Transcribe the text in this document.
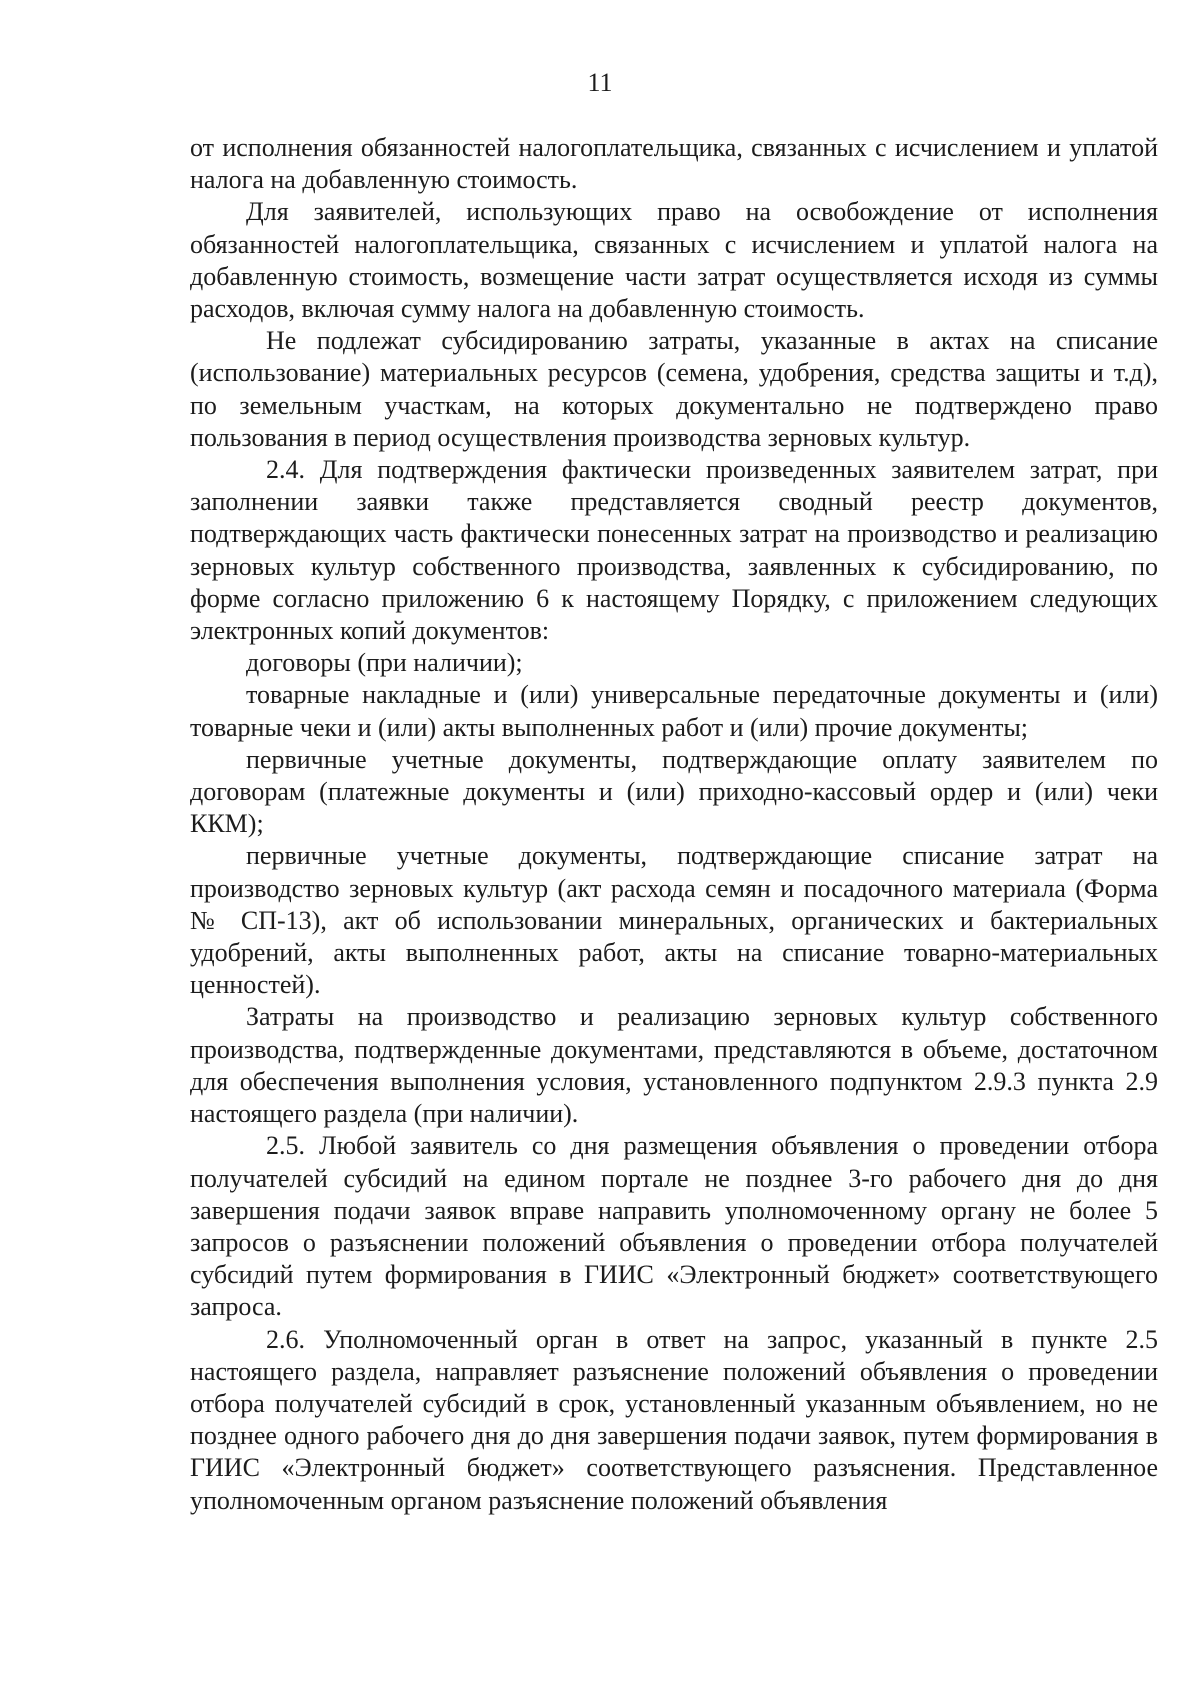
11

от исполнения обязанностей налогоплательщика, связанных с исчислением и уплатой налога на добавленную стоимость.

Для заявителей, использующих право на освобождение от исполнения обязанностей налогоплательщика, связанных с исчислением и уплатой налога на добавленную стоимость, возмещение части затрат осуществляется исходя из суммы расходов, включая сумму налога на добавленную стоимость.

Не подлежат субсидированию затраты, указанные в актах на списание (использование) материальных ресурсов (семена, удобрения, средства защиты и т.д), по земельным участкам, на которых документально не подтверждено право пользования в период осуществления производства зерновых культур.

2.4. Для подтверждения фактически произведенных заявителем затрат, при заполнении заявки также представляется сводный реестр документов, подтверждающих часть фактически понесенных затрат на производство и реализацию зерновых культур собственного производства, заявленных к субсидированию, по форме согласно приложению 6 к настоящему Порядку, с приложением следующих электронных копий документов:

договоры (при наличии);

товарные накладные и (или) универсальные передаточные документы и (или) товарные чеки и (или) акты выполненных работ и (или) прочие документы;

первичные учетные документы, подтверждающие оплату заявителем по договорам (платежные документы и (или) приходно-кассовый ордер и (или) чеки ККМ);

первичные учетные документы, подтверждающие списание затрат на производство зерновых культур (акт расхода семян и посадочного материала (Форма № СП-13), акт об использовании минеральных, органических и бактериальных удобрений, акты выполненных работ, акты на списание товарно-материальных ценностей).

Затраты на производство и реализацию зерновых культур собственного производства, подтвержденные документами, представляются в объеме, достаточном для обеспечения выполнения условия, установленного подпунктом 2.9.3 пункта 2.9 настоящего раздела (при наличии).

2.5. Любой заявитель со дня размещения объявления о проведении отбора получателей субсидий на едином портале не позднее 3-го рабочего дня до дня завершения подачи заявок вправе направить уполномоченному органу не более 5 запросов о разъяснении положений объявления о проведении отбора получателей субсидий путем формирования в ГИИС «Электронный бюджет» соответствующего запроса.

2.6. Уполномоченный орган в ответ на запрос, указанный в пункте 2.5 настоящего раздела, направляет разъяснение положений объявления о проведении отбора получателей субсидий в срок, установленный указанным объявлением, но не позднее одного рабочего дня до дня завершения подачи заявок, путем формирования в ГИИС «Электронный бюджет» соответствующего разъяснения. Представленное уполномоченным органом разъяснение положений объявления
